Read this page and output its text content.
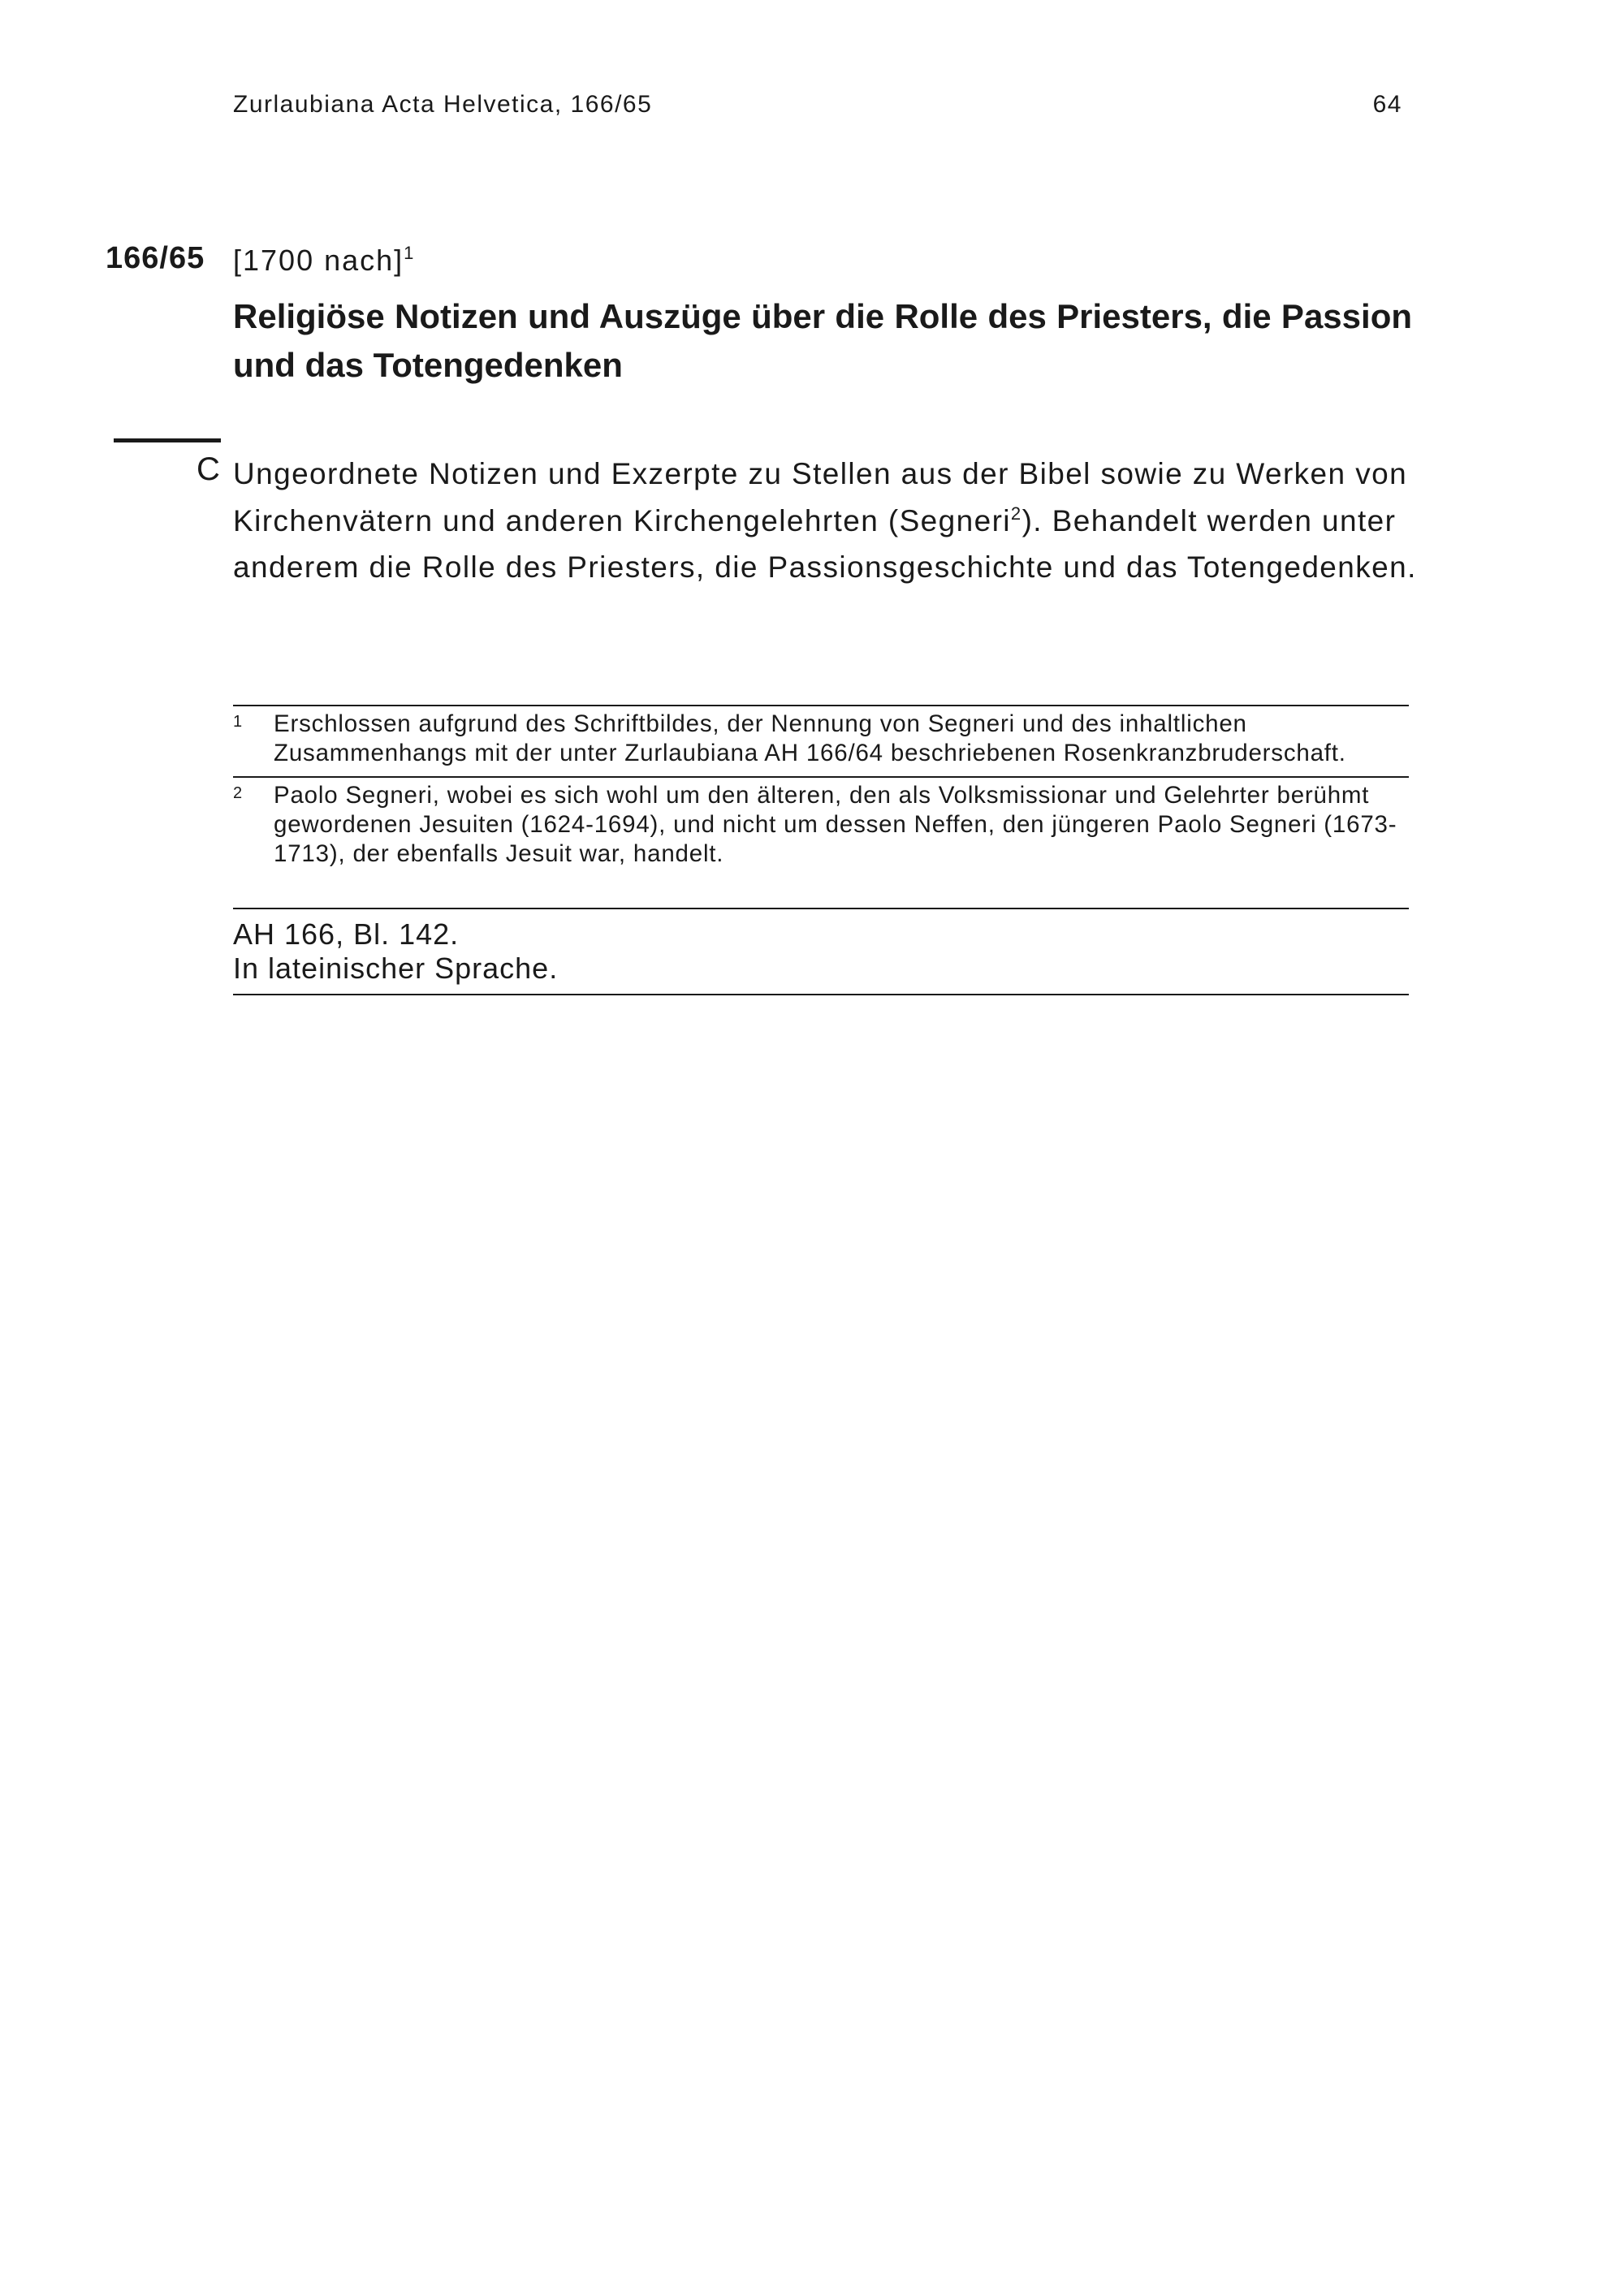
Zurlaubiana Acta Helvetica, 166/65	64
166/65 [1700 nach]$^1$
Religiöse Notizen und Auszüge über die Rolle des Priesters, die Passion und das Totengedenken
C Ungeordnete Notizen und Exzerpte zu Stellen aus der Bibel sowie zu Werken von Kirchenvätern und anderen Kirchengelehrten (Segneri$^2$). Behandelt werden unter anderem die Rolle des Priesters, die Passionsgeschichte und das Totengedenken.
1	Erschlossen aufgrund des Schriftbildes, der Nennung von Segneri und des inhaltlichen Zusammenhangs mit der unter Zurlaubiana AH 166/64 beschriebenen Rosenkranzbruderschaft.
2	Paolo Segneri, wobei es sich wohl um den älteren, den als Volksmissionar und Gelehrter berühmt gewordenen Jesuiten (1624-1694), und nicht um dessen Neffen, den jüngeren Paolo Segneri (1673-1713), der ebenfalls Jesuit war, handelt.
AH 166, Bl. 142.
In lateinischer Sprache.
